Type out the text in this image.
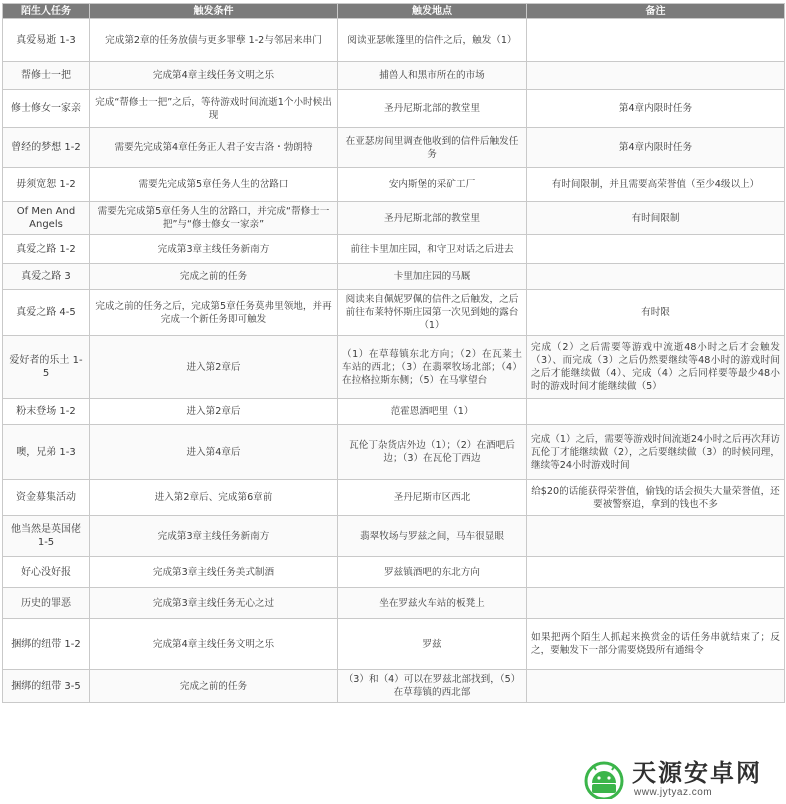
陌生人任务	触发条件	触发地点	备注
真爱易逝 1-3	完成第2章的任务放债与更多罪孽 1-2与邻居来串门	阅读亚瑟帐篷里的信件之后，触发（1）	
帮修士一把	完成第4章主线任务文明之乐	捕兽人和黑市所在的市场	
修士修女一家亲	完成“帮修士一把”之后，等待游戏时间流逝1个小时候出现	圣丹尼斯北部的教堂里	第4章内限时任务
曾经的梦想 1-2	需要先完成第4章任务正人君子安吉洛・勃朗特	在亚瑟房间里调查他收到的信件后触发任务	第4章内限时任务
毋须宽恕 1-2	需要先完成第5章任务人生的岔路口	安内斯堡的采矿工厂	有时间限制，并且需要高荣誉值（至少4级以上）
Of Men And Angels	需要先完成第5章任务人生的岔路口，并完成“帮修士一把”与“修士修女一家亲”	圣丹尼斯北部的教堂里	有时间限制
真爱之路 1-2	完成第3章主线任务新南方	前往卡里加庄园，和守卫对话之后进去	
真爱之路 3	完成之前的任务	卡里加庄园的马厩	
真爱之路 4-5	完成之前的任务之后，完成第5章任务莫弗里领地，并再完成一个新任务即可触发	阅读来自佩妮罗佩的信件之后触发，之后前往布莱特怀斯庄园第一次见到她的露台（1）	有时限
爱好者的乐土 1-5	进入第2章后	（1）在草莓镇东北方向；（2）在瓦莱土车站的西北；（3）在翡翠牧场北部；（4）在拉格拉斯东侧；（5）在马掌望台	完成（2）之后需要等游戏中流逝48小时之后才会触发（3）、而完成（3）之后仍然要继续等48小时的游戏时间之后才能继续做（4）、完成（4）之后同样要等最少48小时的游戏时间才能继续做（5）
粉末登场 1-2	进入第2章后	范霍恩酒吧里（1）	
噢，兄弟 1-3	进入第4章后	瓦伦丁杂货店外边（1）；（2）在酒吧后边；（3）在瓦伦丁西边	完成（1）之后，需要等游戏时间流逝24小时之后再次拜访瓦伦丁才能继续做（2），之后要继续做（3）的时候同理，继续等24小时游戏时间
资金募集活动	进入第2章后、完成第6章前	圣丹尼斯市区西北	给$20的话能获得荣誉值，偷钱的话会损失大量荣誉值，还要被警察追，拿到的钱也不多
他当然是英国佬 1-5	完成第3章主线任务新南方	翡翠牧场与罗兹之间，马车很显眼	
好心没好报	完成第3章主线任务美式制酒	罗兹镇酒吧的东北方向	
历史的罪恶	完成第3章主线任务无心之过	坐在罗兹火车站的板凳上	
捆绑的纽带 1-2	完成第4章主线任务文明之乐	罗兹	如果把两个陌生人抓起来换赏金的话任务串就结束了；反之，要触发下一部分需要烧毁所有通缉令
捆绑的纽带 3-5	完成之前的任务	（3）和（4）可以在罗兹北部找到，（5）在草莓镇的西北部	
天源安卓网
www.jytyaz.com
